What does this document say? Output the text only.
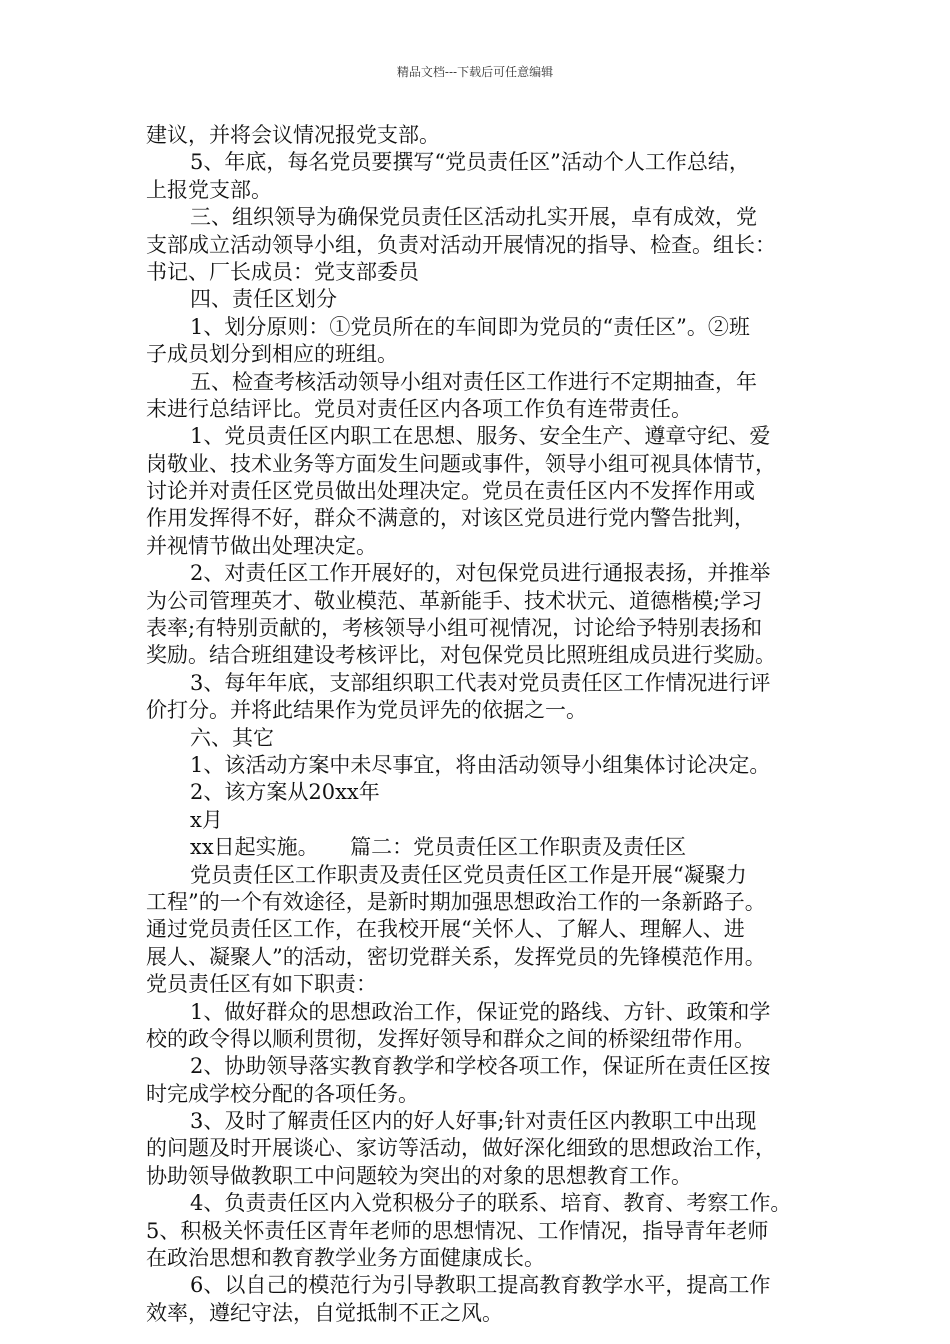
精品文档---下载后可任意编辑
建议，并将会议情况报党支部。
5、年底，每名党员要撰写“党员责任区”活动个人工作总结，
上报党支部。
三、组织领导为确保党员责任区活动扎实开展，卓有成效，党
支部成立活动领导小组，负责对活动开展情况的指导、检查。组长：
书记、厂长成员：党支部委员
四、责任区划分
1、划分原则：①党员所在的车间即为党员的“责任区”。②班
子成员划分到相应的班组。
五、检查考核活动领导小组对责任区工作进行不定期抽查，年
末进行总结评比。党员对责任区内各项工作负有连带责任。
1、党员责任区内职工在思想、服务、安全生产、遵章守纪、爱
岗敬业、技术业务等方面发生问题或事件，领导小组可视具体情节，
讨论并对责任区党员做出处理决定。党员在责任区内不发挥作用或
作用发挥得不好，群众不满意的，对该区党员进行党内警告批判，
并视情节做出处理决定。
2、对责任区工作开展好的，对包保党员进行通报表扬，并推举
为公司管理英才、敬业模范、革新能手、技术状元、道德楷模;学习
表率;有特别贡献的，考核领导小组可视情况，讨论给予特别表扬和
奖励。结合班组建设考核评比，对包保党员比照班组成员进行奖励。
3、每年年底，支部组织职工代表对党员责任区工作情况进行评
价打分。并将此结果作为党员评先的依据之一。
六、其它
1、该活动方案中未尽事宜，将由活动领导小组集体讨论决定。
2、该方案从20xx年
x月
xx日起实施。　　篇二：党员责任区工作职责及责任区
党员责任区工作职责及责任区党员责任区工作是开展“凝聚力
工程”的一个有效途径，是新时期加强思想政治工作的一条新路子。
通过党员责任区工作，在我校开展“关怀人、了解人、理解人、进
展人、凝聚人”的活动，密切党群关系，发挥党员的先锋模范作用。
党员责任区有如下职责：
1、做好群众的思想政治工作，保证党的路线、方针、政策和学
校的政令得以顺利贯彻，发挥好领导和群众之间的桥梁纽带作用。
2、协助领导落实教育教学和学校各项工作，保证所在责任区按
时完成学校分配的各项任务。
3、及时了解责任区内的好人好事;针对责任区内教职工中出现
的问题及时开展谈心、家访等活动，做好深化细致的思想政治工作，
协助领导做教职工中问题较为突出的对象的思想教育工作。
4、负责责任区内入党积极分子的联系、培育、教育、考察工作。
5、积极关怀责任区青年老师的思想情况、工作情况，指导青年老师
在政治思想和教育教学业务方面健康成长。
6、以自己的模范行为引导教职工提高教育教学水平，提高工作
效率，遵纪守法，自觉抵制不正之风。
